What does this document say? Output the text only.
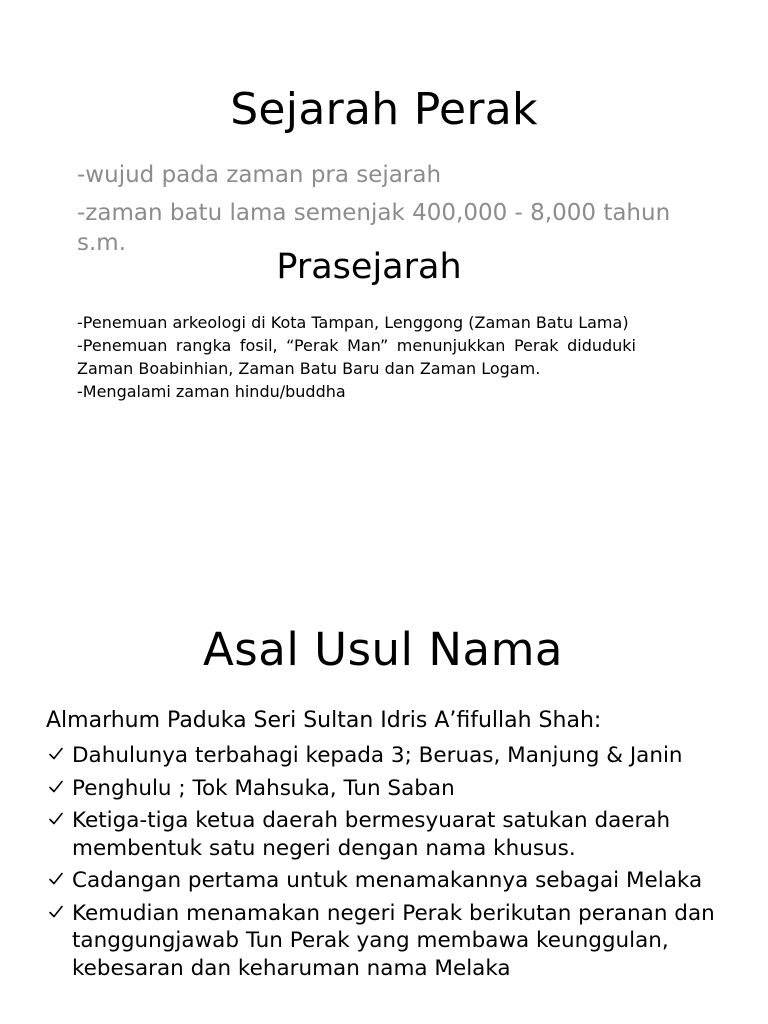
Sejarah Perak
-wujud pada zaman pra sejarah
-zaman batu lama semenjak 400,000 - 8,000 tahun s.m.
Prasejarah

-Penemuan arkeologi di Kota Tampan, Lenggong (Zaman Batu Lama)

-Penemuan rangka fosil, “Perak Man” menunjukkan Perak diduduki Zaman Boabinhian, Zaman Batu Baru dan Zaman Logam.

-Mengalami zaman hindu/buddha

Asal Usul Nama
Almarhum Paduka Seri Sultan Idris A’fifullah Shah:
Dahulunya terbahagi kepada 3; Beruas, Manjung & Janin
Penghulu ; Tok Mahsuka, Tun Saban
Ketiga-tiga ketua daerah bermesyuarat satukan daerah membentuk satu negeri dengan nama khusus.
Cadangan pertama untuk menamakannya sebagai Melaka
Kemudian menamakan negeri Perak berikutan peranan dan tanggungjawab Tun Perak yang membawa keunggulan, kebesaran dan keharuman nama Melaka
